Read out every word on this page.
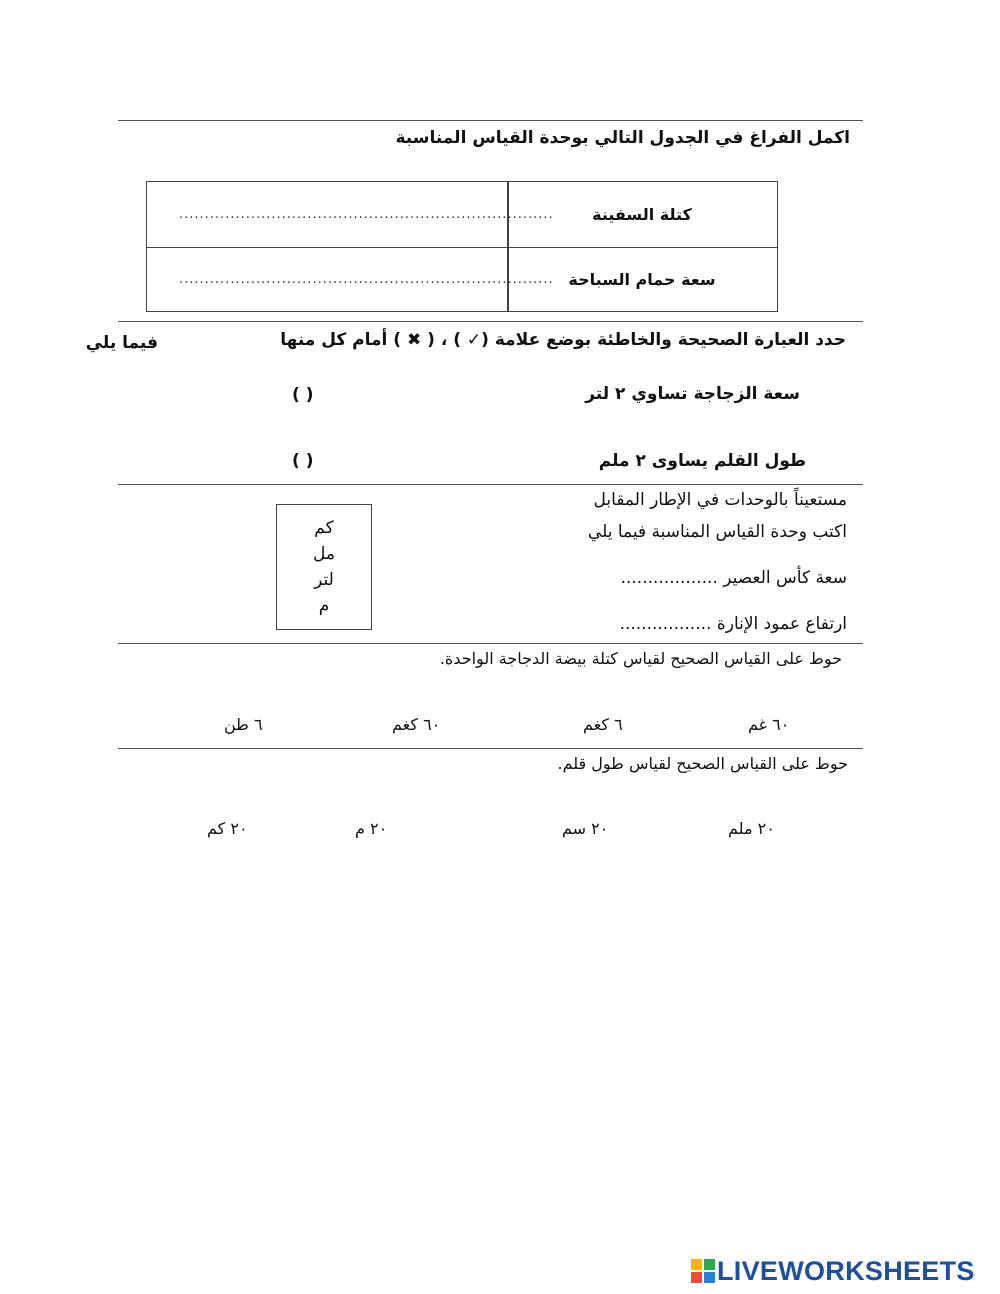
اكمل الفراغ في الجدول التالي بوحدة القياس المناسبة
كتلة السفينة
.........................................................................
سعة حمام السباحة
.........................................................................
حدد العبارة الصحيحة والخاطئة بوضع علامة (✓ ) ، ( ✖ ) أمام كل منها
فيما يلي
سعة الزجاجة تساوي ٢ لتر
( )
طول القلم يساوى ٢ ملم
( )
مستعيناً بالوحدات في الإطار المقابل
اكتب وحدة القياس المناسبة فيما يلي
سعة كأس العصير ..................
ارتفاع عمود الإنارة .................
كم
مل
لتر
م
حوط على القياس الصحيح لقياس كتلة بيضة الدجاجة الواحدة.
٦٠ غم
٦ كغم
٦٠ كغم
٦ طن
حوط على القياس الصحيح لقياس طول قلم.
٢٠ ملم
٢٠ سم
٢٠ م
٢٠ كم
LIVEWORKSHEETS
